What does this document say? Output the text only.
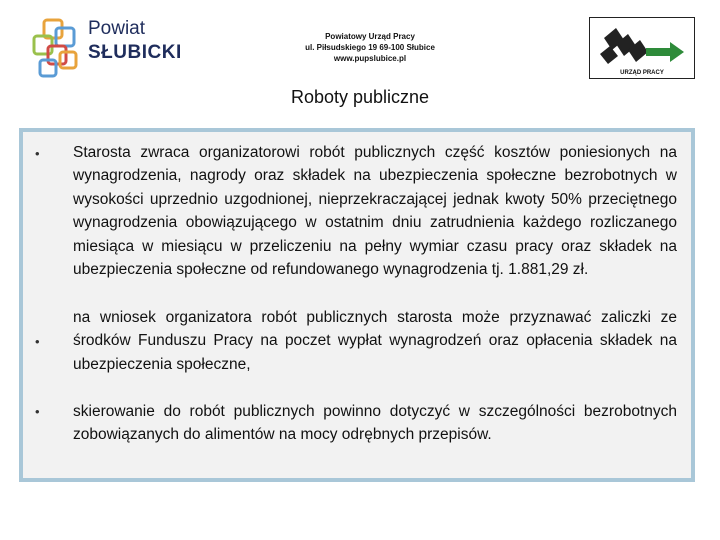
Powiat
SŁUBICKI
Powiatowy Urząd Pracy
ul. Piłsudskiego 19 69-100 Słubice
www.pupslubice.pl
URZĄD PRACY
Roboty publiczne
• Starosta zwraca organizatorowi robót publicznych część kosztów poniesionych na wynagrodzenia, nagrody oraz składek na ubezpieczenia społeczne bezrobotnych w wysokości uprzednio uzgodnionej, nieprzekraczającej jednak kwoty 50% przeciętnego wynagrodzenia obowiązującego w ostatnim dniu zatrudnienia każdego rozliczanego miesiąca w miesiącu w przeliczeniu na pełny wymiar czasu pracy oraz składek na ubezpieczenia społeczne od refundowanego wynagrodzenia tj. 1.881,29 zł.
•
na wniosek organizatora robót publicznych starosta może przyznawać zaliczki ze środków Funduszu Pracy na poczet wypłat wynagrodzeń oraz opłacenia składek na ubezpieczenia społeczne,
• skierowanie do robót publicznych powinno dotyczyć w szczególności bezrobotnych zobowiązanych do alimentów na mocy odrębnych przepisów.
